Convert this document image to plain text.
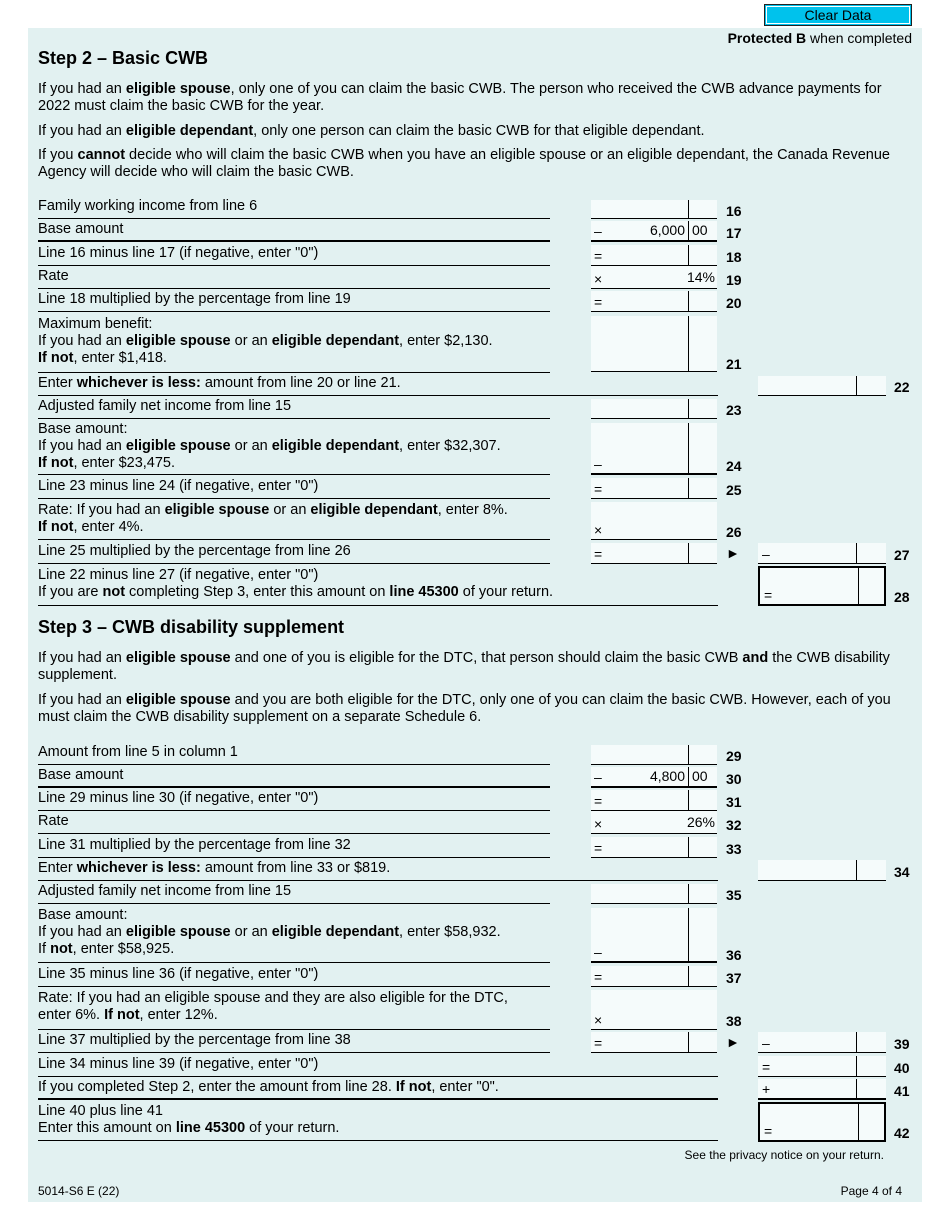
Clear Data
Protected B when completed
Step 2 – Basic CWB
If you had an eligible spouse, only one of you can claim the basic CWB. The person who received the CWB advance payments for 2022 must claim the basic CWB for the year.
If you had an eligible dependant, only one person can claim the basic CWB for that eligible dependant.
If you cannot decide who will claim the basic CWB when you have an eligible spouse or an eligible dependant, the Canada Revenue Agency will decide who will claim the basic CWB.
Family working income from line 6	16
Base amount	–	6,000 00 17
Line 16 minus line 17 (if negative, enter "0")	=	18
Rate	×	14% 19
Line 18 multiplied by the percentage from line 19	=	20
Maximum benefit:
If you had an eligible spouse or an eligible dependant, enter $2,130.
If not, enter $1,418.	21
Enter whichever is less: amount from line 20 or line 21.	22
Adjusted family net income from line 15	23
Base amount:
If you had an eligible spouse or an eligible dependant, enter $32,307.
If not, enter $23,475.	–	24
Line 23 minus line 24 (if negative, enter "0")	=	25
Rate: If you had an eligible spouse or an eligible dependant, enter 8%.
If not, enter 4%.	×	26
Line 25 multiplied by the percentage from line 26	=	► –	27
Line 22 minus line 27 (if negative, enter "0")
If you are not completing Step 3, enter this amount on line 45300 of your return.	=	28
Step 3 – CWB disability supplement
If you had an eligible spouse and one of you is eligible for the DTC, that person should claim the basic CWB and the CWB disability supplement.
If you had an eligible spouse and you are both eligible for the DTC, only one of you can claim the basic CWB. However, each of you must claim the CWB disability supplement on a separate Schedule 6.
Amount from line 5 in column 1	29
Base amount	–	4,800 00 30
Line 29 minus line 30 (if negative, enter "0")	=	31
Rate	×	26% 32
Line 31 multiplied by the percentage from line 32	=	33
Enter whichever is less: amount from line 33 or $819.	34
Adjusted family net income from line 15	35
Base amount:
If you had an eligible spouse or an eligible dependant, enter $58,932.
If not, enter $58,925.	–	36
Line 35 minus line 36 (if negative, enter "0")	=	37
Rate: If you had an eligible spouse and they are also eligible for the DTC,
enter 6%. If not, enter 12%.	×	38
Line 37 multiplied by the percentage from line 38	=	► –	39
Line 34 minus line 39 (if negative, enter "0")	=	40
If you completed Step 2, enter the amount from line 28. If not, enter "0".	+	41
Line 40 plus line 41
Enter this amount on line 45300 of your return.	=	42
See the privacy notice on your return.
5014-S6 E (22)	Page 4 of 4
